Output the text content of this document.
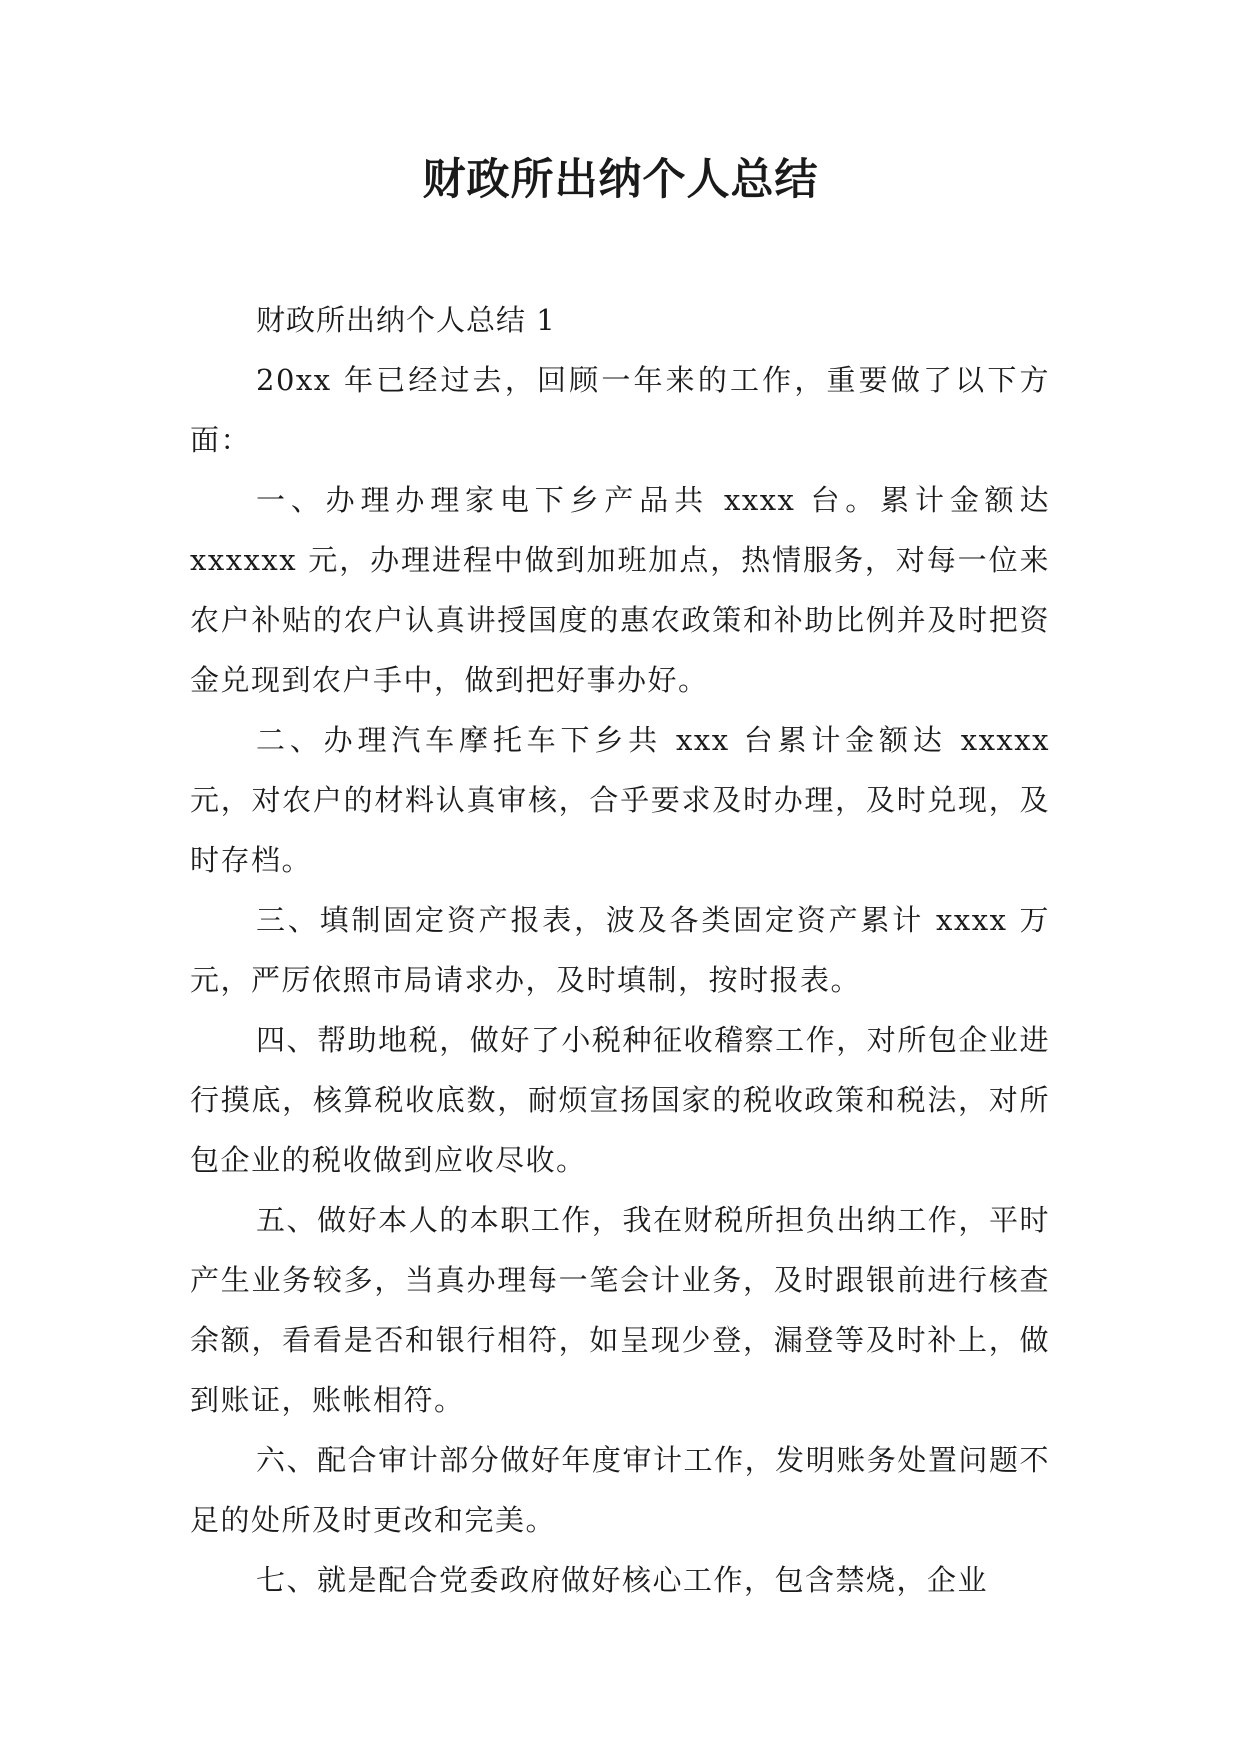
财政所出纳个人总结

财政所出纳个人总结 1

20xx 年已经过去，回顾一年来的工作，重要做了以下方面：

一、办理办理家电下乡产品共 xxxx 台。累计金额达 xxxxxx 元，办理进程中做到加班加点，热情服务，对每一位来农户补贴的农户认真讲授国度的惠农政策和补助比例并及时把资金兑现到农户手中，做到把好事办好。

二、办理汽车摩托车下乡共 xxx 台累计金额达 xxxxx 元，对农户的材料认真审核，合乎要求及时办理，及时兑现，及时存档。

三、填制固定资产报表，波及各类固定资产累计 xxxx 万元，严厉依照市局请求办，及时填制，按时报表。

四、帮助地税，做好了小税种征收稽察工作，对所包企业进行摸底，核算税收底数，耐烦宣扬国家的税收政策和税法，对所包企业的税收做到应收尽收。

五、做好本人的本职工作，我在财税所担负出纳工作，平时产生业务较多，当真办理每一笔会计业务，及时跟银前进行核查余额，看看是否和银行相符，如呈现少登，漏登等及时补上，做到账证，账帐相符。

六、配合审计部分做好年度审计工作，发明账务处置问题不足的处所及时更改和完美。

七、就是配合党委政府做好核心工作，包含禁烧，企业
